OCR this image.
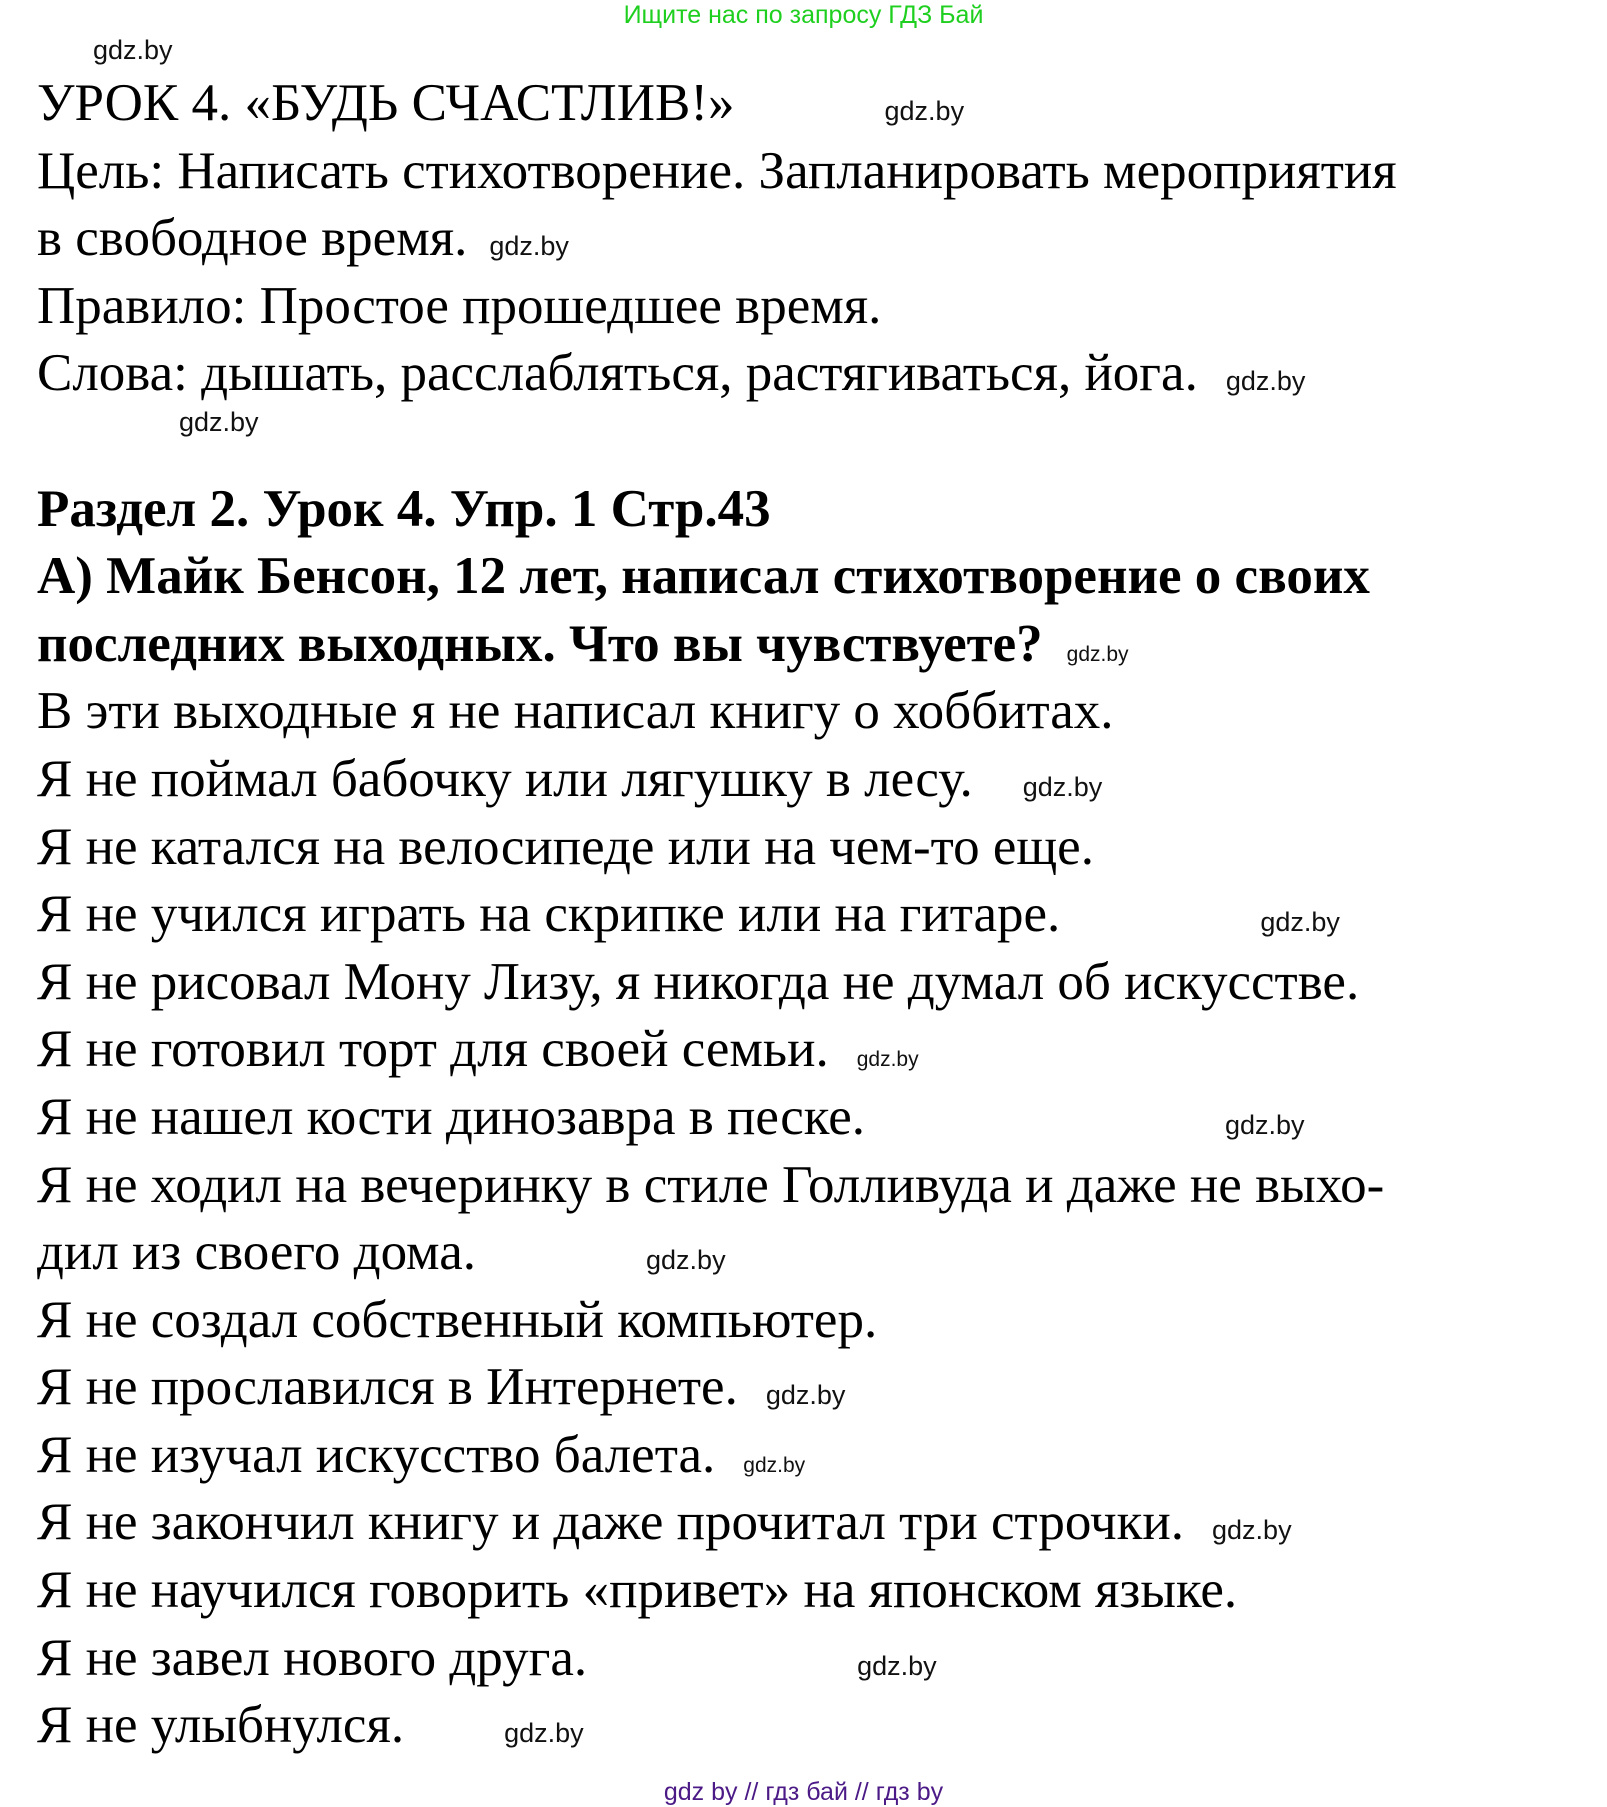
Ищите нас по запросу ГДЗ Бай
gdz.by
УРОК 4. «БУДЬ СЧАСТЛИВ!»	gdz.by
Цель: Написать стихотворение. Запланировать мероприятия
в свободное время. gdz.by
Правило: Простое прошедшее время.
Слова: дышать, расслабляться, растягиваться, йога. gdz.by
gdz.by
Раздел 2. Урок 4. Упр. 1 Стр.43
А) Майк Бенсон, 12 лет, написал стихотворение о своих
последних выходных. Что вы чувствуете? gdz.by
В эти выходные я не написал книгу о хоббитах.
Я не поймал бабочку или лягушку в лесу. gdz.by
Я не катался на велосипеде или на чем-то еще.
Я не учился играть на скрипке или на гитаре.	gdz.by
Я не рисовал Мону Лизу, я никогда не думал об искусстве.
Я не готовил торт для своей семьи. gdz.by
Я не нашел кости динозавра в песке.	gdz.by
Я не ходил на вечеринку в стиле Голливуда и даже не выхо-
дил из своего дома.	gdz.by
Я не создал собственный компьютер.
Я не прославился в Интернете. gdz.by
Я не изучал искусство балета. gdz.by
Я не закончил книгу и даже прочитал три строчки. gdz.by
Я не научился говорить «привет» на японском языке.
Я не завел нового друга.	gdz.by
Я не улыбнулся.	gdz.by
gdz by // гдз бай // гдз by
